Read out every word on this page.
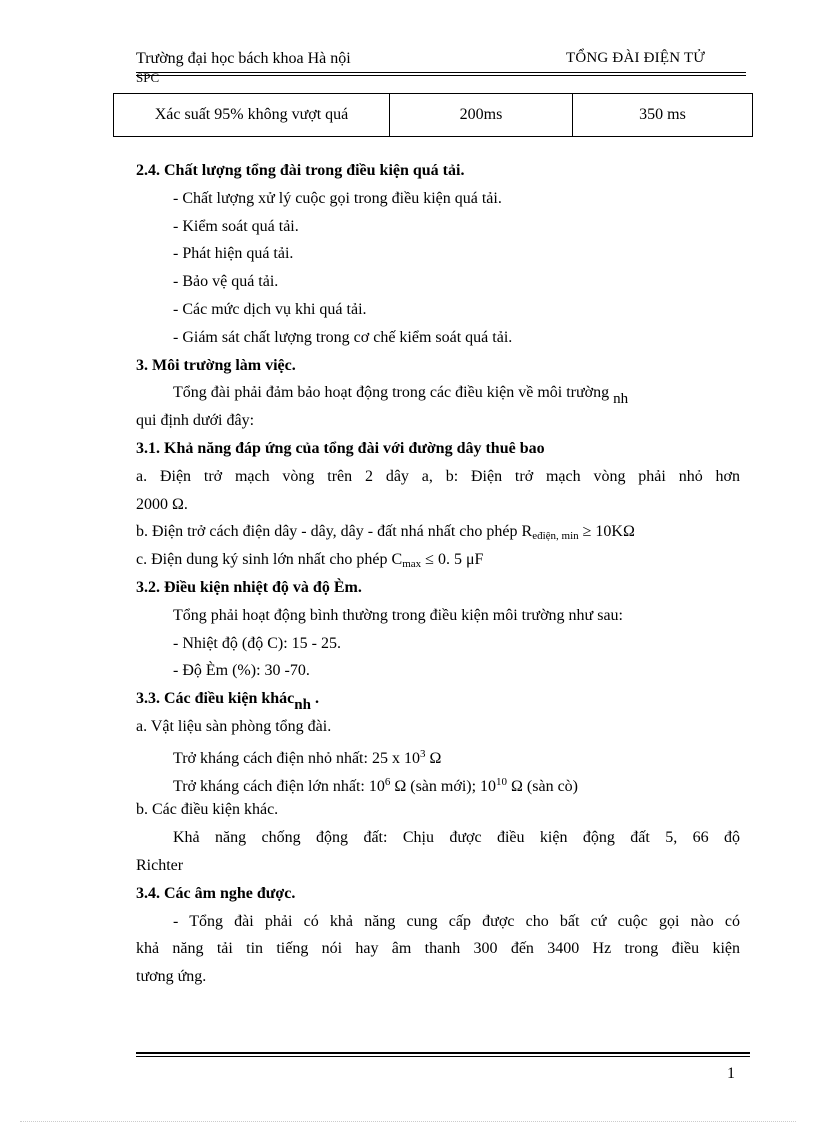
Trường đại học bách khoa Hà nội	TỔNG ĐÀI ĐIỆN TỬ
SPC
Xác suất 95% không vượt quá	200ms	350 ms
2.4. Chất lượng tổng đài trong điều kiện quá tải.
- Chất lượng xử lý cuộc gọi trong điều kiện quá tải.
- Kiểm soát quá tải.
- Phát hiện quá tải.
- Bảo vệ quá tải.
- Các mức dịch vụ khi quá tải.
- Giám sát chất lượng trong cơ chế kiểm soát quá tải.
3. Môi trường làm việc.
Tổng đài phải đảm bảo hoạt động trong các điều kiện về môi trường nh
qui định dưới đây:
3.1. Khả năng đáp ứng của tổng đài với đường dây thuê bao
a. Điện trở mạch vòng trên 2 dây a, b: Điện trở mạch vòng phải nhỏ hơn
2000 Ω.
b. Điện trở cách điện dây - dây, dây - đất nhá nhất cho phép $R_{eđiện, min} \ge 10K\Omega$
c. Điện dung ký sinh lớn nhất cho phép $C_{max} \le 0$. 5 μF
3.2. Điều kiện nhiệt độ và độ Èm.
Tổng phải hoạt động bình thường trong điều kiện môi trường như sau:
- Nhiệt độ (độ C): 15 - 25.
- Độ Èm (%): 30 -70.
3.3. Các điều kiện khácnh .
a. Vật liệu sàn phòng tổng đài.
Trở kháng cách điện nhỏ nhất: 25 x $10^3$ Ω
Trở kháng cách điện lớn nhất: $10^6$ Ω (sàn mới); $10^{10}$ Ω (sàn cò)
b. Các điều kiện khác.
Khả năng chống động đất: Chịu được điều kiện động đất 5, 66 độ
Richter
3.4. Các âm nghe được.
- Tổng đài phải có khả năng cung cấp được cho bất cứ cuộc gọi nào có
khả năng tải tin tiếng nói hay âm thanh 300 đến 3400 Hz trong điều kiện
tương ứng.
1
